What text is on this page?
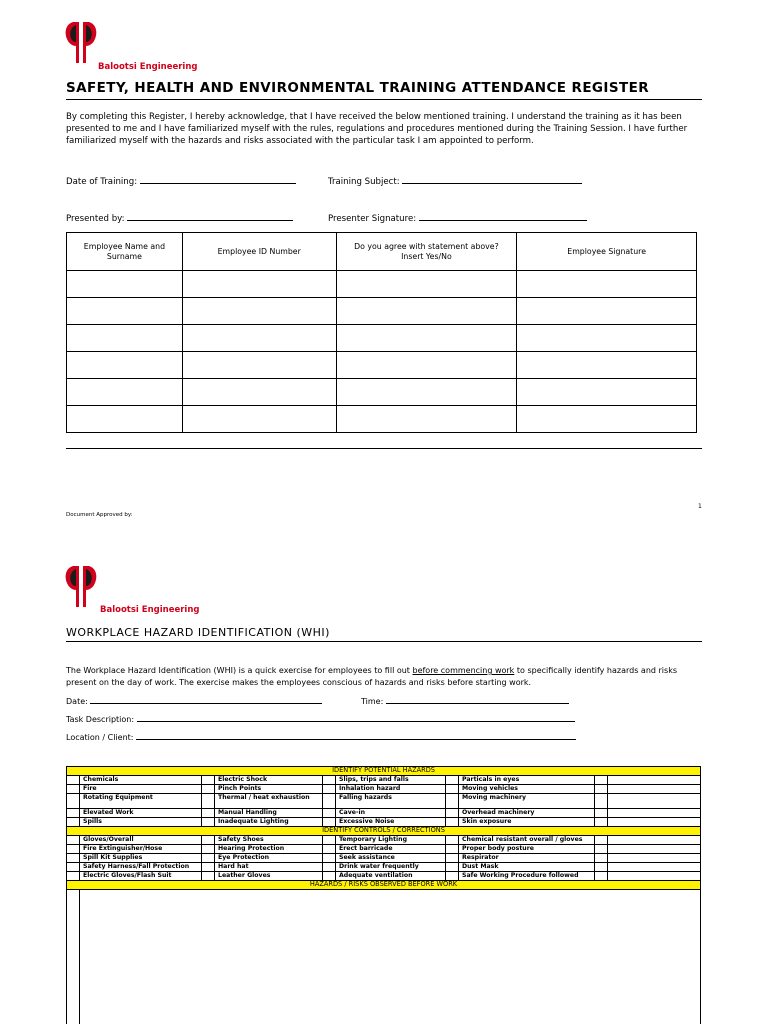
Balootsi Engineering
SAFETY, HEALTH AND ENVIRONMENTAL TRAINING ATTENDANCE REGISTER
By completing this Register, I hereby acknowledge, that I have received the below mentioned training. I understand the training as it has been presented to me and I have familiarized myself with the rules, regulations and procedures mentioned during the Training Session. I have further familiarized myself with the hazards and risks associated with the particular task I am appointed to perform.
Date of Training:	Training Subject:
Presented by:	Presenter Signature:
Employee Name and Surname	Employee ID Number	Do you agree with statement above? Insert Yes/No	Employee Signature

1
Document Approved by:
Balootsi Engineering
WORKPLACE HAZARD IDENTIFICATION (WHI)
The Workplace Hazard Identification (WHI) is a quick exercise for employees to fill out before commencing work to specifically identify hazards and risks present on the day of work. The exercise makes the employees conscious of hazards and risks before starting work.
Date:	Time:
Task Description:
Location / Client:
IDENTIFY POTENTIAL HAZARDS									
	Chemicals		Electric Shock		Slips, trips and falls		Particals in eyes		
	Fire		Pinch Points		Inhalation hazard		Moving vehicles		
	Rotating Equipment		Thermal / heat exhaustion		Falling hazards		Moving machinery		
	Elevated Work		Manual Handling		Cave-in		Overhead machinery		
	Spills		Inadequate Lighting		Excessive Noise		Skin exposure		
IDENTIFY CONTROLS / CORRECTIONS									
	Gloves/Overall		Safety Shoes		Temporary Lighting		Chemical resistant overall / gloves		
	Fire Extinguisher/Hose		Hearing Protection		Erect barricade		Proper body posture		
	Spill Kit Supplies		Eye Protection		Seek assistance		Respirator		
	Safety Harness/Fall Protection		Hard hat		Drink water frequently		Dust Mask		
	Electric Gloves/Flash Suit		Leather Gloves		Adequate ventilation		Safe Working Procedure followed		
HAZARDS / RISKS OBSERVED BEFORE WORK									
